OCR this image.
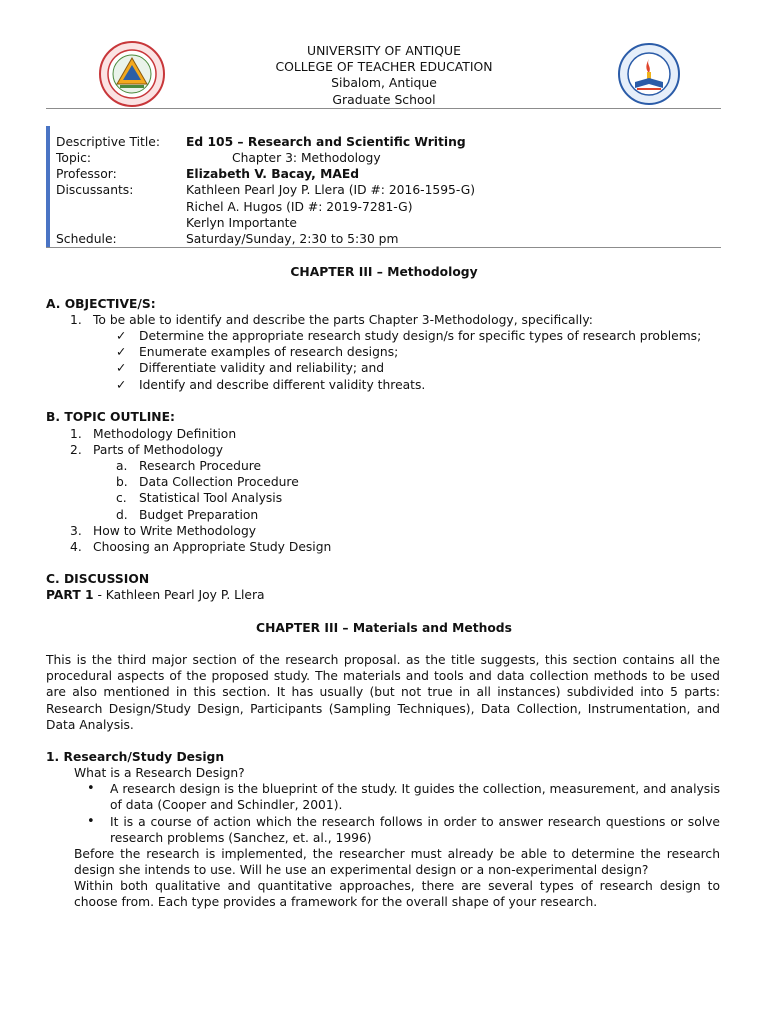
UNIVERSITY OF ANTIQUE
COLLEGE OF TEACHER EDUCATION
Sibalom, Antique
Graduate School
Descriptive Title: Ed 105 – Research and Scientific Writing
Topic:	Chapter 3: Methodology
Professor:	Elizabeth V. Bacay, MAEd
Discussants:	Kathleen Pearl Joy P. Llera (ID #: 2016-1595-G)
Richel A. Hugos (ID #: 2019-7281-G)
Kerlyn Importante
Schedule:	Saturday/Sunday, 2:30 to 5:30 pm
CHAPTER III – Methodology
A. OBJECTIVE/S:
1. To be able to identify and describe the parts Chapter 3-Methodology, specifically:
✓ Determine the appropriate research study design/s for specific types of research problems;
✓ Enumerate examples of research designs;
✓ Differentiate validity and reliability; and
✓ Identify and describe different validity threats.
B. TOPIC OUTLINE:
1. Methodology Definition
2. Parts of Methodology
a. Research Procedure
b. Data Collection Procedure
c. Statistical Tool Analysis
d. Budget Preparation
3. How to Write Methodology
4. Choosing an Appropriate Study Design
C. DISCUSSION
PART 1 - Kathleen Pearl Joy P. Llera
CHAPTER III – Materials and Methods
This is the third major section of the research proposal. as the title suggests, this section contains all the procedural aspects of the proposed study. The materials and tools and data collection methods to be used are also mentioned in this section. It has usually (but not true in all instances) subdivided into 5 parts: Research Design/Study Design, Participants (Sampling Techniques), Data Collection, Instrumentation, and Data Analysis.
1. Research/Study Design
What is a Research Design?
• A research design is the blueprint of the study. It guides the collection, measurement, and analysis of data (Cooper and Schindler, 2001).
• It is a course of action which the research follows in order to answer research questions or solve research problems (Sanchez, et. al., 1996)
Before the research is implemented, the researcher must already be able to determine the research design she intends to use. Will he use an experimental design or a non-experimental design?
Within both qualitative and quantitative approaches, there are several types of research design to choose from. Each type provides a framework for the overall shape of your research.
